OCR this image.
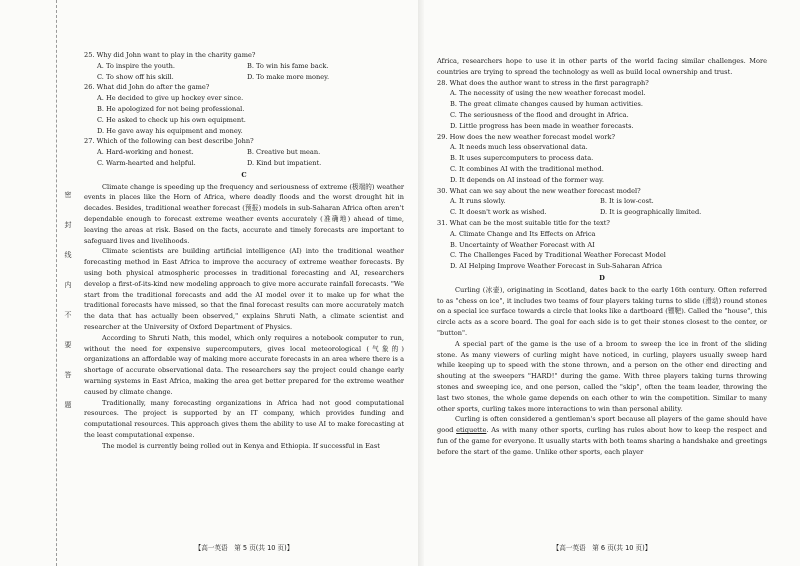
密
封
线
内
不
要
答
题
25. Why did John want to play in the charity game?
A. To inspire the youth.	B. To win his fame back.
C. To show off his skill.	D. To make more money.
26. What did John do after the game?
A. He decided to give up hockey ever since.
B. He apologized for not being professional.
C. He asked to check up his own equipment.
D. He gave away his equipment and money.
27. Which of the following can best describe John?
A. Hard-working and honest.	B. Creative but mean.
C. Warm-hearted and helpful.	D. Kind but impatient.
C

Climate change is speeding up the frequency and seriousness of extreme (极端的) weather events in places like the Horn of Africa, where deadly floods and the worst drought hit in decades. Besides, traditional weather forecast (预报) models in sub-Saharan Africa often aren't dependable enough to forecast extreme weather events accurately (准确地) ahead of time, leaving the areas at risk. Based on the facts, accurate and timely forecasts are important to safeguard lives and livelihoods.

Climate scientists are building artificial intelligence (AI) into the traditional weather forecasting method in East Africa to improve the accuracy of extreme weather forecasts. By using both physical atmospheric processes in traditional forecasting and AI, researchers develop a first-of-its-kind new modeling approach to give more accurate rainfall forecasts. "We start from the traditional forecasts and add the AI model over it to make up for what the traditional forecasts have missed, so that the final forecast results can more accurately match the data that has actually been observed," explains Shruti Nath, a climate scientist and researcher at the University of Oxford Department of Physics.

According to Shruti Nath, this model, which only requires a notebook computer to run, without the need for expensive supercomputers, gives local meteorological (气象的) organizations an affordable way of making more accurate forecasts in an area where there is a shortage of accurate observational data. The researchers say the project could change early warning systems in East Africa, making the area get better prepared for the extreme weather caused by climate change.

Traditionally, many forecasting organizations in Africa had not good computational resources. The project is supported by an IT company, which provides funding and computational resources. This approach gives them the ability to use AI to make forecasting at the least computational expense.

The model is currently being rolled out in Kenya and Ethiopia. If successful in East

【高一英语　第 5 页(共 10 页)】

Africa, researchers hope to use it in other parts of the world facing similar challenges. More countries are trying to spread the technology as well as build local ownership and trust.

28. What does the author want to stress in the first paragraph?
A. The necessity of using the new weather forecast model.
B. The great climate changes caused by human activities.
C. The seriousness of the flood and drought in Africa.
D. Little progress has been made in weather forecasts.
29. How does the new weather forecast model work?
A. It needs much less observational data.
B. It uses supercomputers to process data.
C. It combines AI with the traditional method.
D. It depends on AI instead of the former way.
30. What can we say about the new weather forecast model?
A. It runs slowly.	B. It is low-cost.
C. It doesn't work as wished.	D. It is geographically limited.
31. What can be the most suitable title for the text?
A. Climate Change and Its Effects on Africa
B. Uncertainty of Weather Forecast with AI
C. The Challenges Faced by Traditional Weather Forecast Model
D. AI Helping Improve Weather Forecast in Sub-Saharan Africa
D

Curling (冰壶), originating in Scotland, dates back to the early 16th century. Often referred to as "chess on ice", it includes two teams of four players taking turns to slide (滑动) round stones on a special ice surface towards a circle that looks like a dartboard (镖靶). Called the "house", this circle acts as a score board. The goal for each side is to get their stones closest to the center, or "button".

A special part of the game is the use of a broom to sweep the ice in front of the sliding stone. As many viewers of curling might have noticed, in curling, players usually sweep hard while keeping up to speed with the stone thrown, and a person on the other end directing and shouting at the sweepers "HARD!" during the game. With three players taking turns throwing stones and sweeping ice, and one person, called the "skip", often the team leader, throwing the last two stones, the whole game depends on each other to win the competition. Similar to many other sports, curling takes more interactions to win than personal ability.

Curling is often considered a gentleman's sport because all players of the game should have good etiquette. As with many other sports, curling has rules about how to keep the respect and fun of the game for everyone. It usually starts with both teams sharing a handshake and greetings before the start of the game. Unlike other sports, each player

【高一英语　第 6 页(共 10 页)】
